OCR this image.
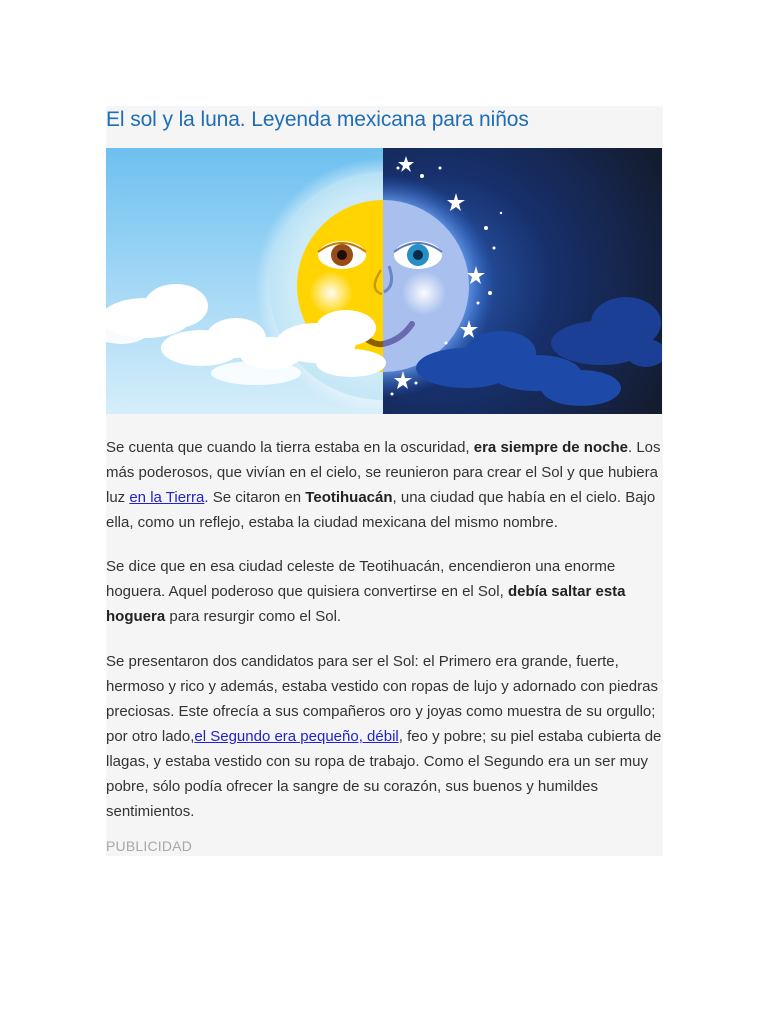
El sol y la luna. Leyenda mexicana para niños

Se cuenta que cuando la tierra estaba en la oscuridad, era siempre de noche. Los más poderosos, que vivían en el cielo, se reunieron para crear el Sol y que hubiera luz en la Tierra. Se citaron en Teotihuacán, una ciudad que había en el cielo. Bajo ella, como un reflejo, estaba la ciudad mexicana del mismo nombre.

Se dice que en esa ciudad celeste de Teotihuacán, encendieron una enorme hoguera. Aquel poderoso que quisiera convertirse en el Sol, debía saltar esta hoguera para resurgir como el Sol.

Se presentaron dos candidatos para ser el Sol: el Primero era grande, fuerte, hermoso y rico y además, estaba vestido con ropas de lujo y adornado con piedras preciosas. Este ofrecía a sus compañeros oro y joyas como muestra de su orgullo; por otro lado,el Segundo era pequeño, débil, feo y pobre; su piel estaba cubierta de llagas, y estaba vestido con su ropa de trabajo. Como el Segundo era un ser muy pobre, sólo podía ofrecer la sangre de su corazón, sus buenos y humildes sentimientos.

PUBLICIDAD
